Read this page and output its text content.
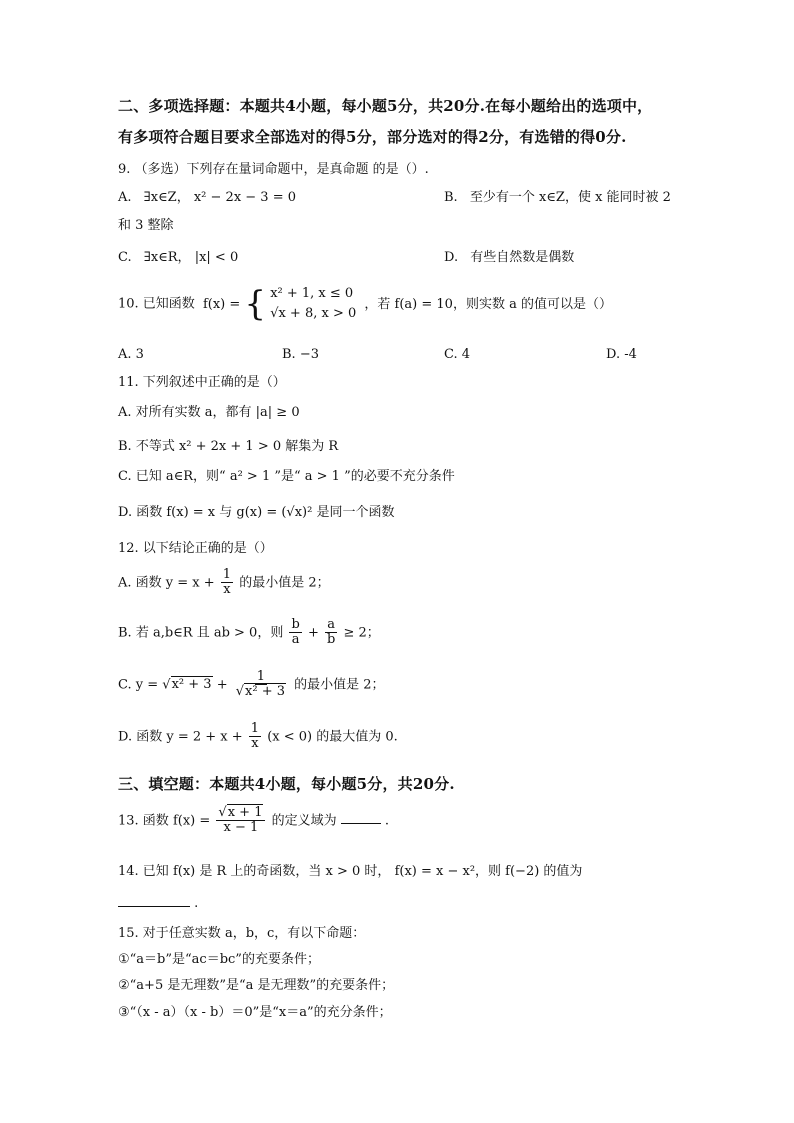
二、多项选择题：本题共4小题，每小题5分，共20分.在每小题给出的选项中，
有多项符合题目要求全部选对的得5分，部分选对的得2分，有选错的得0分.
9. （多选）下列存在量词命题中，是真命题 的是（）.
A. ∃x∈Z， x² − 2x − 3 = 0	B. 至少有一个 x∈Z，使 x 能同时被 2
和 3 整除
C. ∃x∈R， |x| < 0	D. 有些自然数是偶数
10. 已知函数 f(x) = { x² + 1, x ≤ 0
√x + 8, x > 0
，若 f(a) = 10，则实数 a 的值可以是（）
A. 3	B. −3	C. 4	D. -4
11. 下列叙述中正确的是（）
A. 对所有实数 a，都有 |a| ≥ 0
B. 不等式 x² + 2x + 1 > 0 解集为 R
C. 已知 a∈R，则“ a² > 1 ”是“ a > 1 ”的必要不充分条件
D. 函数 f(x) = x 与 g(x) = (√x)² 是同一个函数
12. 以下结论正确的是（）
A. 函数 $y = x + \frac{1}{x}$ 的最小值是 2；
B. 若 a,b∈R 且 ab > 0，则 $\frac{b}{a} + \frac{a}{b} \ge 2$；
C. $y = √x^2 + 3 + \frac{1}{\text{√x² + 3}}$ 的最小值是 2；
D. 函数 $y = 2 + x + \frac{1}{x} (x < 0)$ 的最大值为 0.
三、填空题：本题共4小题，每小题5分，共20分.
13. 函数 $f(x) = \frac{√x + 1}{x - 1}$ 的定义域为	.
14. 已知 f(x) 是 R 上的奇函数，当 x > 0 时， f(x) = x − x²，则 f(−2) 的值为
.
15. 对于任意实数 a，b，c，有以下命题：
①“a＝b”是“ac＝bc”的充要条件；
②“a+5 是无理数”是“a 是无理数”的充要条件；
③“（x - a）（x - b）＝0”是“x＝a”的充分条件；
